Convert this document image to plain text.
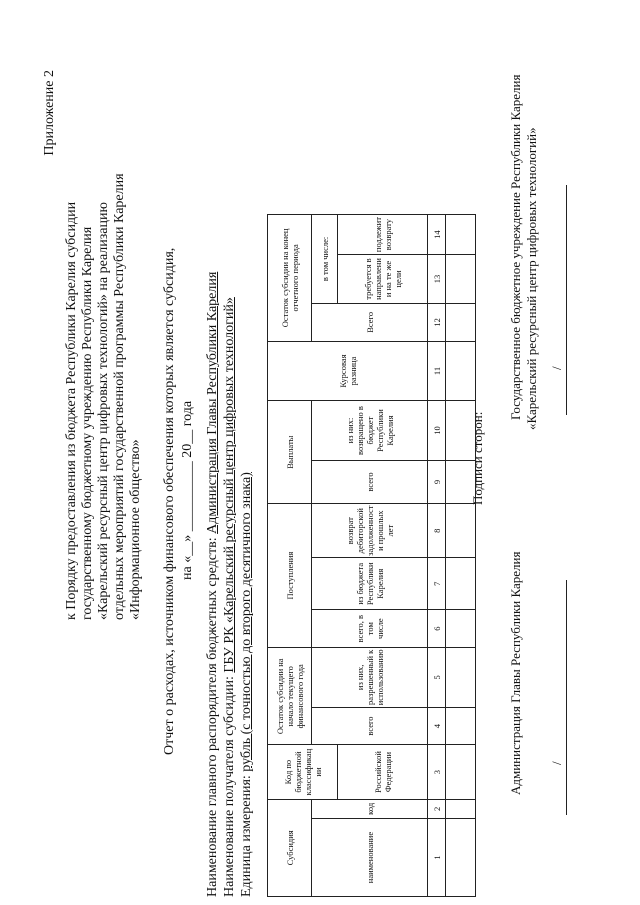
Приложение 2
к Порядку предоставления из бюджета Республики Карелия субсидии государственному бюджетному учреждению Республики Карелия «Карельский ресурсный центр цифровых технологий» на реализацию отдельных мероприятий государственной программы Республики Карелия «Информационное общество» Отчет о расходах, источником финансового обеспечения которых является субсидия, на «__» __________ 20__ года
Наименование главного распорядителя бюджетных средств: Администрация Главы Республики Карелия
Наименование получателя субсидии: ГБУ РК «Карельский ресурсный центр цифровых технологий»
Единица измерения: рубль (с точностью до второго десятичного знака)
Субсидия		Код по бюджетной классификации	Остаток субсидии на начало текущего финансового года		Поступления			Выплаты		Курсовая разница	Остаток субсидии на конец отчетного периода		
наименование	код		всего	из них, разрешенный к использованию	всего, в том числе	из бюджета Республики Карелия	возврат дебиторской задолженности прошлых лет	всего	из них: возвращено в бюджет Республики Карелия		Всего	в том числе:	
		Российской Федерации										требуется в направлении на те же цели	подлежит возврату
1	2	3	4	5	6	7	8	9	10	11	12	13	14

Подписи сторон:
Администрация Главы Республики Карелия
Государственное бюджетное учреждение Республики Карелия «Карельский ресурсный центр цифровых технологий»
/
/
